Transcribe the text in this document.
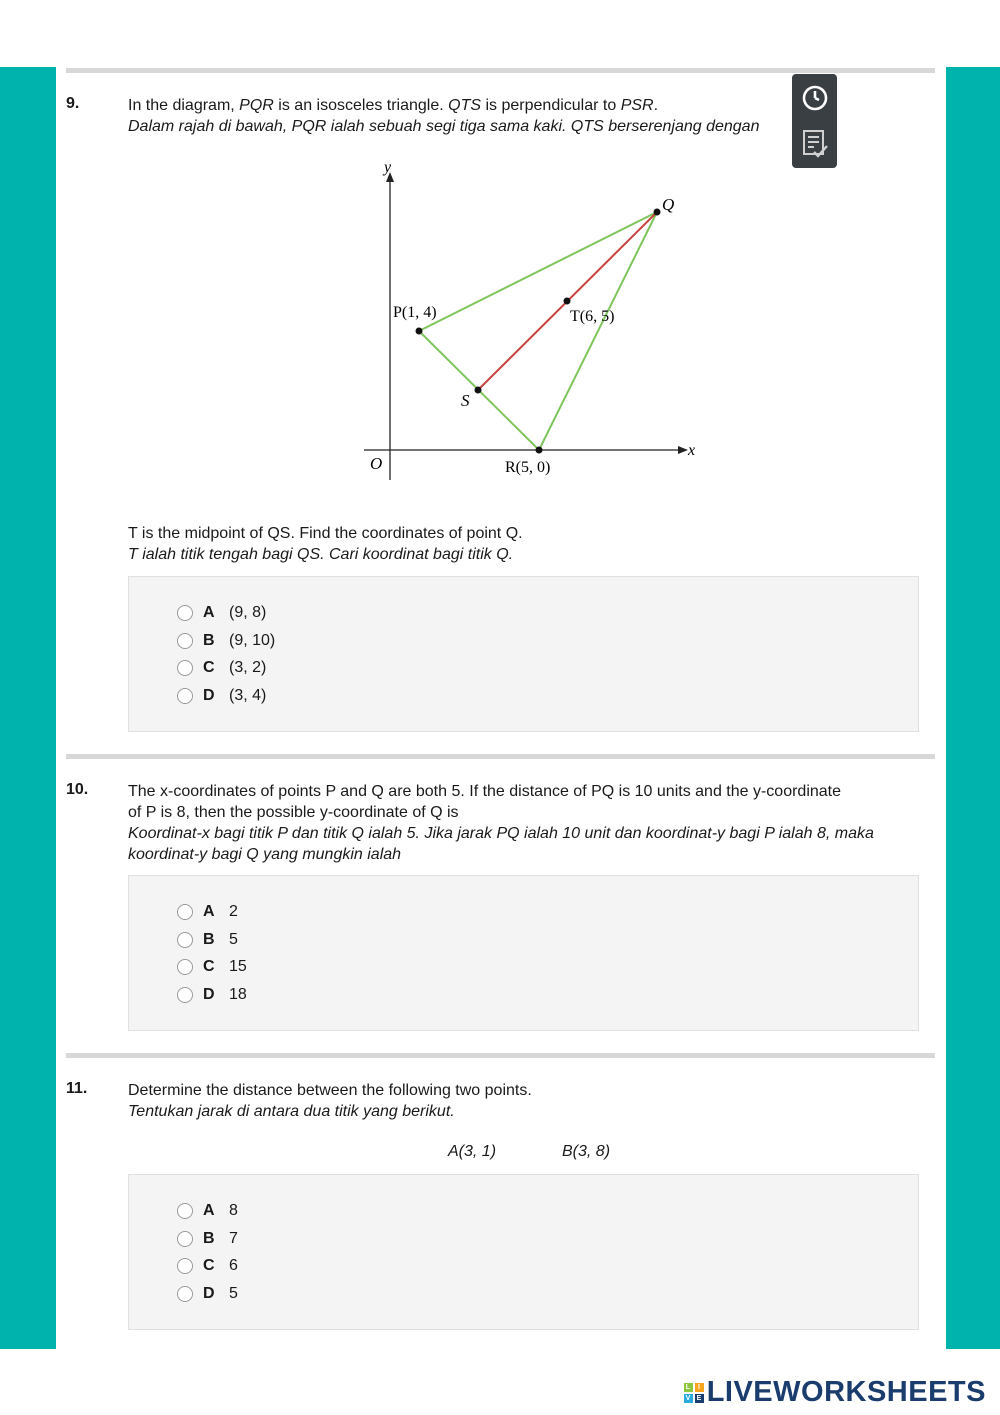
9.	In the diagram, PQR is an isosceles triangle. QTS is perpendicular to PSR.
Dalam rajah di bawah, PQR ialah sebuah segi tiga sama kaki. QTS berserenjang dengan
y
x
O
P(1, 4)
Q
T(6, 5)
S
R(5, 0)
T is the midpoint of QS. Find the coordinates of point Q.
T ialah titik tengah bagi QS. Cari koordinat bagi titik Q.
A (9, 8)
B (9, 10)
C (3, 2)
D (3, 4)
10. The x-coordinates of points P and Q are both 5. If the distance of PQ is 10 units and the y-coordinate
of P is 8, then the possible y-coordinate of Q is
Koordinat-x bagi titik P dan titik Q ialah 5. Jika jarak PQ ialah 10 unit dan koordinat-y bagi P ialah 8, maka
koordinat-y bagi Q yang mungkin ialah
A 2
B 5
C 15
D 18
11.	Determine the distance between the following two points.
Tentukan jarak di antara dua titik yang berikut.
A(3, 1)	B(3, 8)
A 8
B 7
C 6
D 5
L	I
V E LIVEWORKSHEETS
